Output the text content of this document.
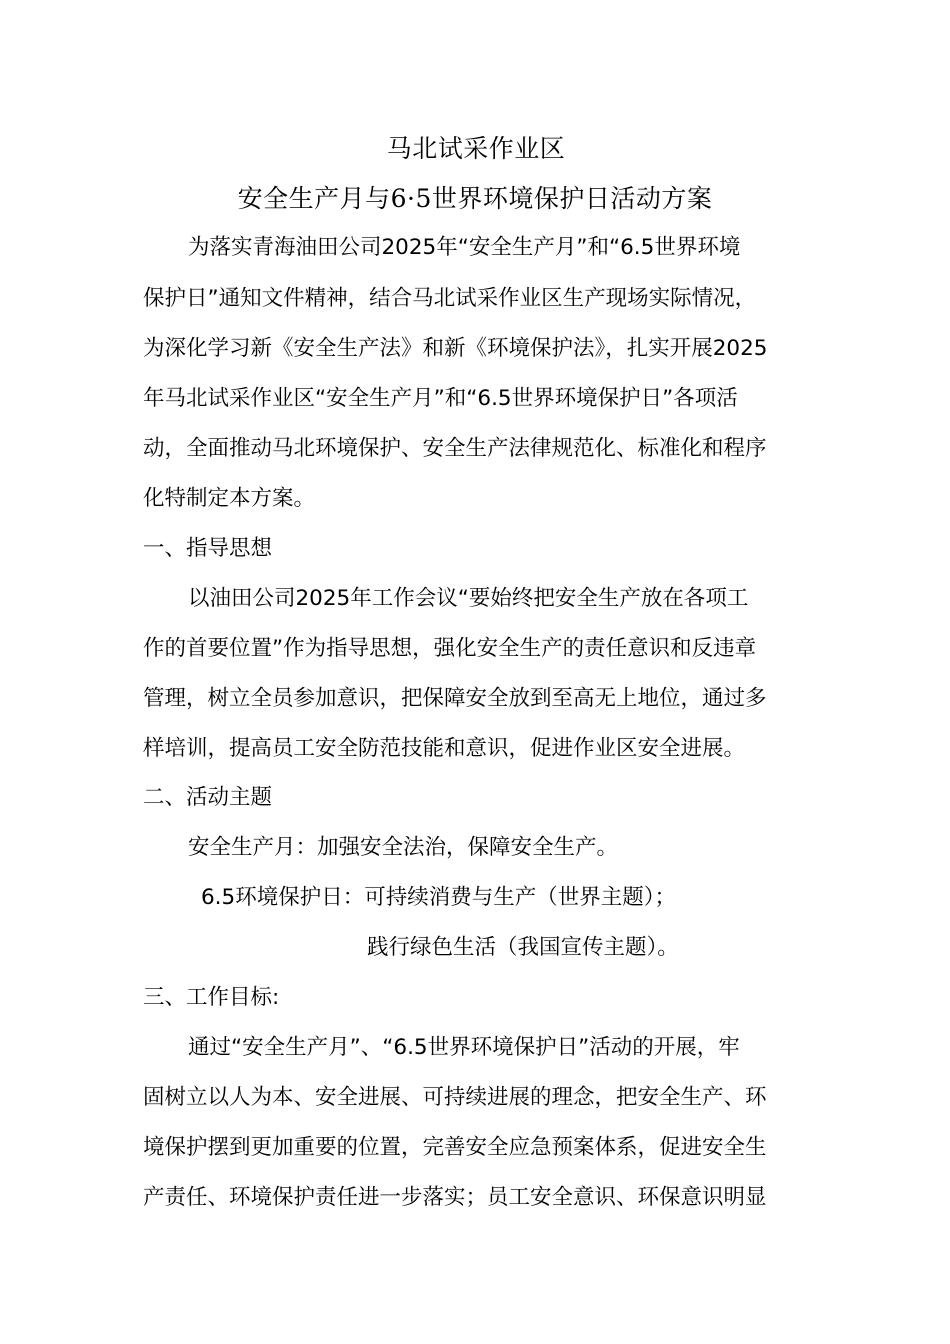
马北试采作业区
安全生产月与6·5世界环境保护日活动方案
为落实青海油田公司2025年“安全生产月”和“6.5世界环境
保护日”通知文件精神，结合马北试采作业区生产现场实际情况，
为深化学习新《安全生产法》和新《环境保护法》，扎实开展2025
年马北试采作业区“安全生产月”和“6.5世界环境保护日”各项活
动，全面推动马北环境保护、安全生产法律规范化、标准化和程序
化特制定本方案。
一、指导思想
以油田公司2025年工作会议“要始终把安全生产放在各项工
作的首要位置”作为指导思想，强化安全生产的责任意识和反违章
管理，树立全员参加意识，把保障安全放到至高无上地位，通过多
样培训，提高员工安全防范技能和意识，促进作业区安全进展。
二、活动主题
安全生产月：加强安全法治，保障安全生产。
6.5环境保护日：可持续消费与生产（世界主题）；
践行绿色生活（我国宣传主题）。
三、工作目标:
通过“安全生产月”、“6.5世界环境保护日”活动的开展，牢
固树立以人为本、安全进展、可持续进展的理念，把安全生产、环
境保护摆到更加重要的位置，完善安全应急预案体系，促进安全生
产责任、环境保护责任进一步落实；员工安全意识、环保意识明显
